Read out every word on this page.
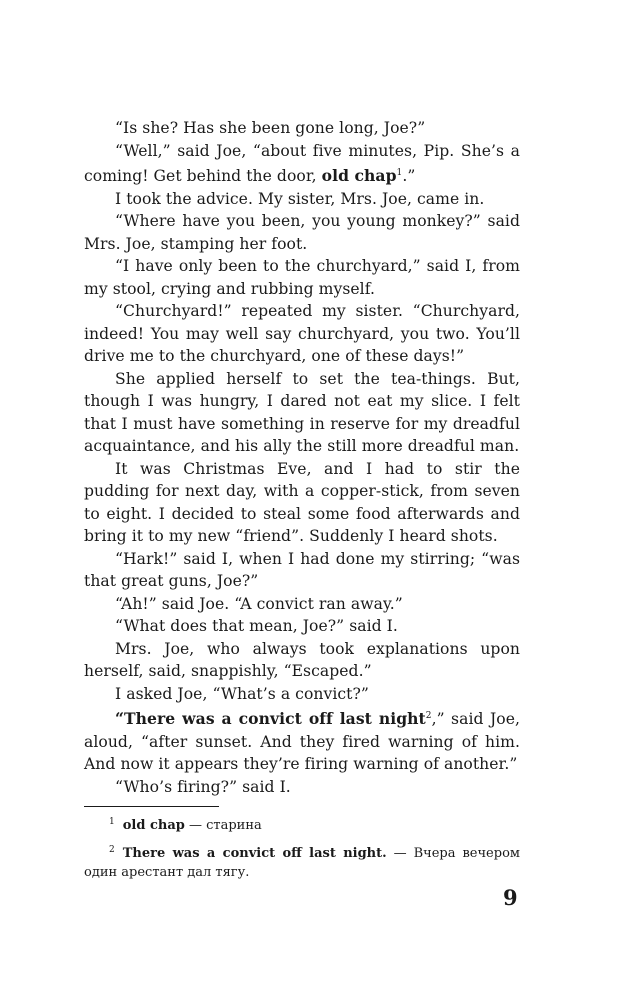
“Is she? Has she been gone long, Joe?”

“Well,” said Joe, “about five minutes, Pip. She’s a coming! Get behind the door, old chap$^1$.”

I took the advice. My sister, Mrs. Joe, came in.

“Where have you been, you young monkey?” said Mrs. Joe, stamping her foot.

“I have only been to the churchyard,” said I, from my stool, crying and rubbing myself.

“Churchyard!” repeated my sister. “Churchyard, indeed! You may well say churchyard, you two. You’ll drive me to the churchyard, one of these days!”

She applied herself to set the tea-things. But, though I was hungry, I dared not eat my slice. I felt that I must have something in reserve for my dreadful acquaintance, and his ally the still more dreadful man.

It was Christmas Eve, and I had to stir the pudding for next day, with a copper-stick, from seven to eight. I decided to steal some food afterwards and bring it to my new “friend”. Suddenly I heard shots.

“Hark!” said I, when I had done my stirring; “was that great guns, Joe?”

“Ah!” said Joe. “A convict ran away.”

“What does that mean, Joe?” said I.

Mrs. Joe, who always took explanations upon herself, said, snappishly, “Escaped.”

I asked Joe, “What’s a convict?”

“There was a convict off last night$^2$,” said Joe, aloud, “after sunset. And they fired warning of him. And now it appears they’re firing warning of another.”

“Who’s firing?” said I.

$^1$ old chap — старина

$^2$ There was a convict off last night. — Вчера вечером один арестант дал тягу.

9
